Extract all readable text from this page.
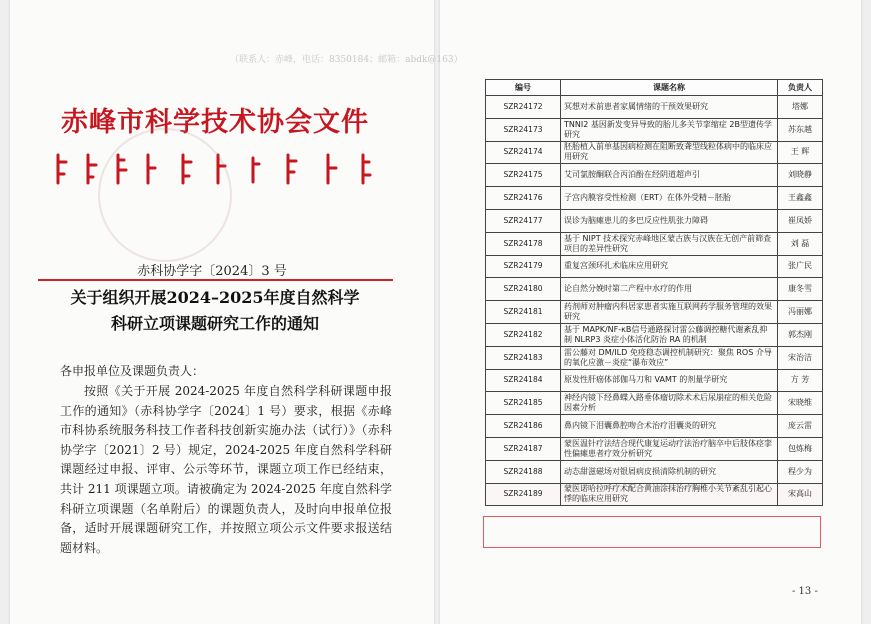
（联系人：赤峰，电话：8350184；邮箱：abdk@163）
赤峰市科学技术协会文件
赤科协学字〔2024〕3 号
关于组织开展2024–2025年度自然科学
科研立项课题研究工作的通知
各申报单位及课题负责人：
按照《关于开展 2024-2025 年度自然科学科研课题申报工作的通知》（赤科协学字〔2024〕1 号）要求，根据《赤峰市科协系统服务科技工作者科技创新实施办法（试行）》（赤科协学字〔2021〕2 号）规定，2024-2025 年度自然科学科研课题经过申报、评审、公示等环节，课题立项工作已经结束，共计 211 项课题立项。请被确定为 2024-2025 年度自然科学科研立项课题（名单附后）的课题负责人，及时向申报单位报备，适时开展课题研究工作，并按照立项公示文件要求报送结题材料。
编号	课题名称	负责人
SZR24172	冥想对术前患者家属情绪的干预效果研究	塔娜
SZR24173	TNNI2 基因新发变异导致的胎儿多关节挛缩症 2B型遗传学研究	苏东越
SZR24174	胚胎植入前单基因病检测在阻断致聋型线粒体病中的临床应用研究	王 辉
SZR24175	艾司氯胺酮联合丙泊酚在经阴道超声引	刘晓静
SZR24176	子宫内膜容受性检测（ERT）在体外受精－胚胎	王鑫鑫
SZR24177	误诊为脑瘫患儿的多巴反应性肌张力障碍	崔凤娇
SZR24178	基于 NIPT 技术探究赤峰地区蒙古族与汉族在无创产前筛查项目的差异性研究	刘 磊
SZR24179	重复宫颈环扎术临床应用研究	张广民
SZR24180	论自然分娩时第二产程中水疗的作用	康冬雪
SZR24181	药剂师对肿瘤内科居家患者实施互联网药学服务管理的效果研究	冯丽娜
SZR24182	基于 MAPK/NF-κB信号通路探讨雷公藤调控糖代谢紊乱抑制 NLRP3 炎症小体活化防治 RA 的机制	郭杰刚
SZR24183	雷公藤对 DM/ILD 免疫稳态调控机制研究：聚焦 ROS 介导的氧化应激－炎症“瀑布效应”	宋治洁
SZR24184	原发性肝癌体部伽马刀和 VAMT 的剂量学研究	方 芳
SZR24185	神经内镜下经鼻蝶入路垂体瘤切除术术后尿崩症的相关危险因素分析	宋晓维
SZR24186	鼻内镜下泪囊鼻腔吻合术治疗泪囊炎的研究	庞云雷
SZR24187	蒙医温针疗法结合现代康复运动疗法治疗脑卒中后肢体痉挛性偏瘫患者疗效分析研究	包炼梅
SZR24188	动态甜滋磁场对银屑病皮损清除机制的研究	程少为
SZR24189	蒙医诺哈拉呼疗术配合黄油涂抹治疗胸椎小关节紊乱引起心悸的临床应用研究	宋高山
- 13 -
